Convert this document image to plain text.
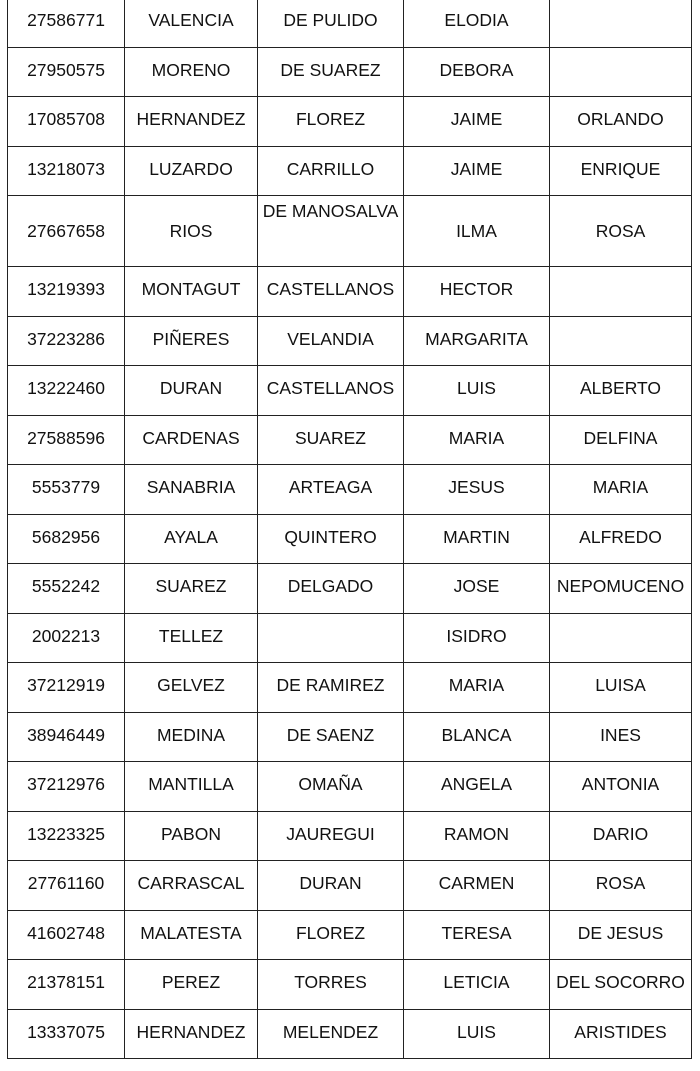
27586771	VALENCIA	DE PULIDO	ELODIA	
27950575	MORENO	DE SUAREZ	DEBORA	
17085708	HERNANDEZ	FLOREZ	JAIME	ORLANDO
13218073	LUZARDO	CARRILLO	JAIME	ENRIQUE
27667658	RIOS	DE MANOSALVA	ILMA	ROSA
13219393	MONTAGUT	CASTELLANOS	HECTOR	
37223286	PIÑERES	VELANDIA	MARGARITA	
13222460	DURAN	CASTELLANOS	LUIS	ALBERTO
27588596	CARDENAS	SUAREZ	MARIA	DELFINA
5553779	SANABRIA	ARTEAGA	JESUS	MARIA
5682956	AYALA	QUINTERO	MARTIN	ALFREDO
5552242	SUAREZ	DELGADO	JOSE	NEPOMUCENO
2002213	TELLEZ		ISIDRO	
37212919	GELVEZ	DE RAMIREZ	MARIA	LUISA
38946449	MEDINA	DE SAENZ	BLANCA	INES
37212976	MANTILLA	OMAÑA	ANGELA	ANTONIA
13223325	PABON	JAUREGUI	RAMON	DARIO
27761160	CARRASCAL	DURAN	CARMEN	ROSA
41602748	MALATESTA	FLOREZ	TERESA	DE JESUS
21378151	PEREZ	TORRES	LETICIA	DEL SOCORRO
13337075	HERNANDEZ	MELENDEZ	LUIS	ARISTIDES
